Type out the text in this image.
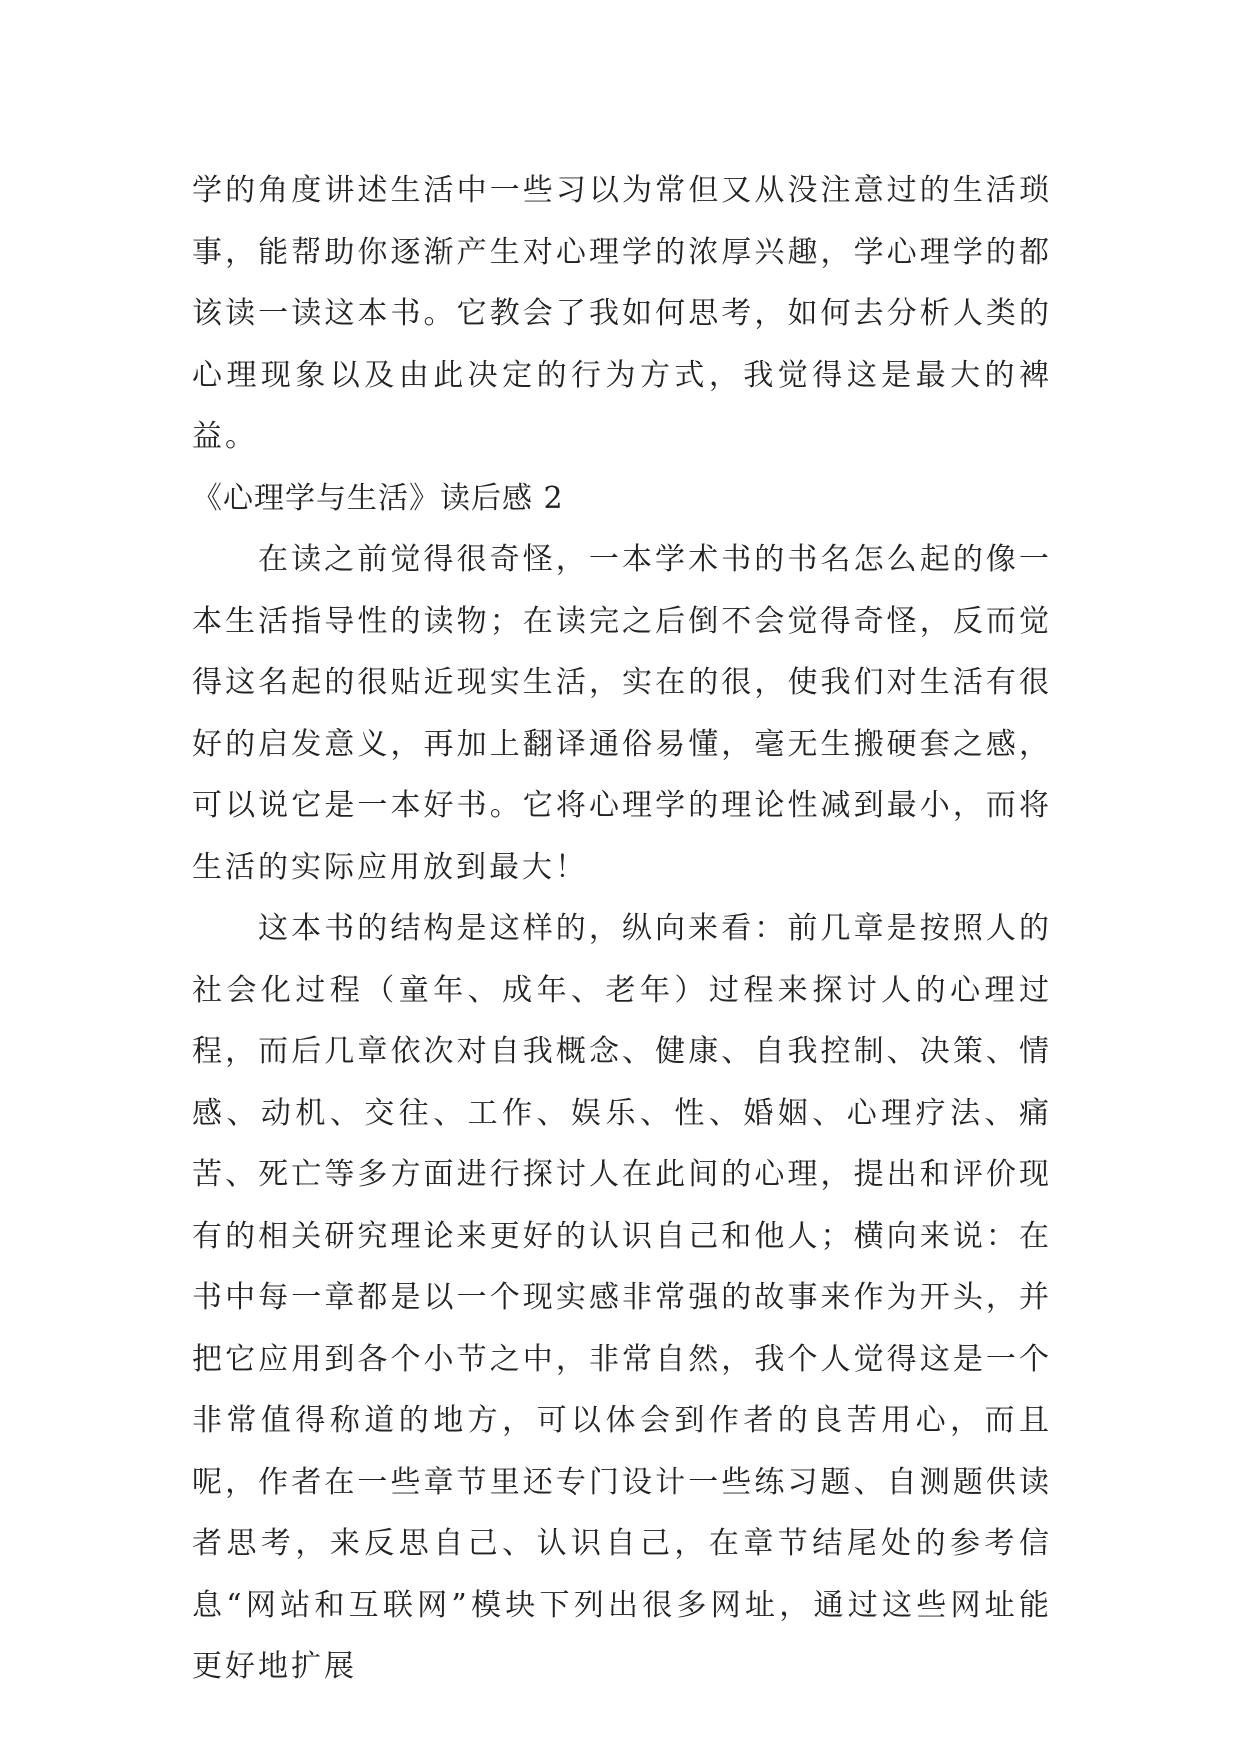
学的角度讲述生活中一些习以为常但又从没注意过的生活琐事，能帮助你逐渐产生对心理学的浓厚兴趣，学心理学的都该读一读这本书。它教会了我如何思考，如何去分析人类的心理现象以及由此决定的行为方式，我觉得这是最大的裨益。

《心理学与生活》读后感 2

在读之前觉得很奇怪，一本学术书的书名怎么起的像一本生活指导性的读物；在读完之后倒不会觉得奇怪，反而觉得这名起的很贴近现实生活，实在的很，使我们对生活有很好的启发意义，再加上翻译通俗易懂，毫无生搬硬套之感，可以说它是一本好书。它将心理学的理论性减到最小，而将生活的实际应用放到最大！

这本书的结构是这样的，纵向来看：前几章是按照人的社会化过程（童年、成年、老年）过程来探讨人的心理过程，而后几章依次对自我概念、健康、自我控制、决策、情感、动机、交往、工作、娱乐、性、婚姻、心理疗法、痛苦、死亡等多方面进行探讨人在此间的心理，提出和评价现有的相关研究理论来更好的认识自己和他人；横向来说：在书中每一章都是以一个现实感非常强的故事来作为开头，并把它应用到各个小节之中，非常自然，我个人觉得这是一个非常值得称道的地方，可以体会到作者的良苦用心，而且呢，作者在一些章节里还专门设计一些练习题、自测题供读者思考，来反思自己、认识自己，在章节结尾处的参考信息“网站和互联网”模块下列出很多网址，通过这些网址能更好地扩展
